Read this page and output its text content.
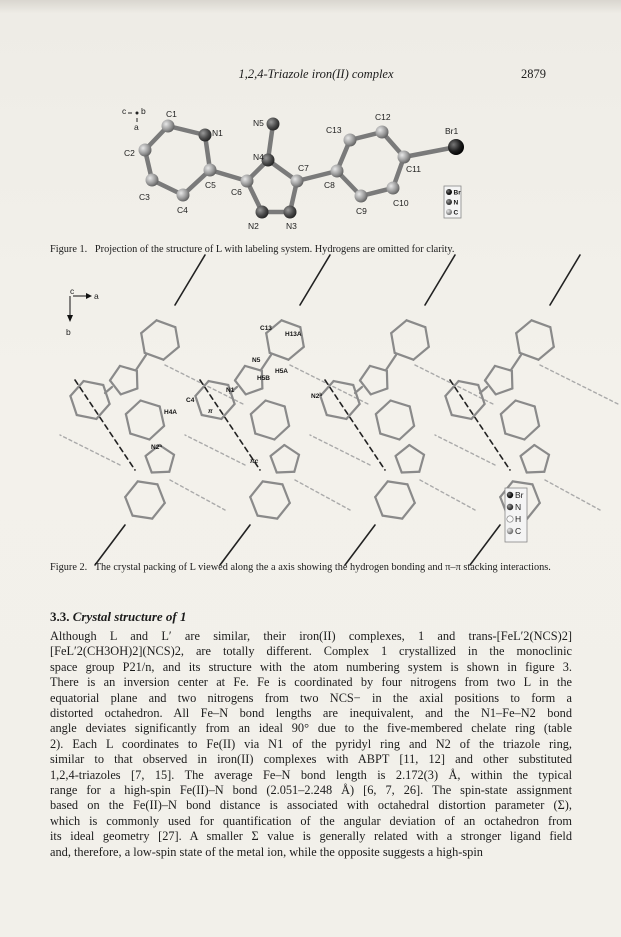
1,2,4-Triazole iron(II) complex	2879
C1
N1
C2
C3
C4
C5
C6
N5
N4
C7
N2	N3
C13
C12
C8
C9
C10
C11
Br1
c b
a
Br
N
C
Figure 1. Projection of the structure of L with labeling system. Hydrogens are omitted for clarity.
c a
b	C13
H13A
N5
H5A
H5B
N1
N2$^b$
H4A
C4
π
N2$^a$
πc
Br
N
H
C
Figure 2. The crystal packing of L viewed along the a axis showing the hydrogen bonding and π–π stacking interactions.
3.3. Crystal structure of 1
Although L and L′ are similar, their iron(II) complexes, 1 and trans-[FeL′2(NCS)2]
[FeL′2(CH3OH)2](NCS)2, are totally different. Complex 1 crystallized in the monoclinic
space group P21/n, and its structure with the atom numbering system is shown in figure 3.
There is an inversion center at Fe. Fe is coordinated by four nitrogens from two L in the
equatorial plane and two nitrogens from two NCS− in the axial positions to form a
distorted octahedron. All Fe–N bond lengths are inequivalent, and the N1–Fe–N2 bond
angle deviates significantly from an ideal 90° due to the five-membered chelate ring (table
2). Each L coordinates to Fe(II) via N1 of the pyridyl ring and N2 of the triazole ring,
similar to that observed in iron(II) complexes with ABPT [11, 12] and other substituted
1,2,4-triazoles [7, 15]. The average Fe–N bond length is 2.172(3) Å, within the typical
range for a high-spin Fe(II)–N bond (2.051–2.248 Å) [6, 7, 26]. The spin-state assignment
based on the Fe(II)–N bond distance is associated with octahedral distortion parameter (Σ),
which is commonly used for quantification of the angular deviation of an octahedron from
its ideal geometry [27]. A smaller Σ value is generally related with a stronger ligand field
and, therefore, a low-spin state of the metal ion, while the opposite suggests a high-spin
